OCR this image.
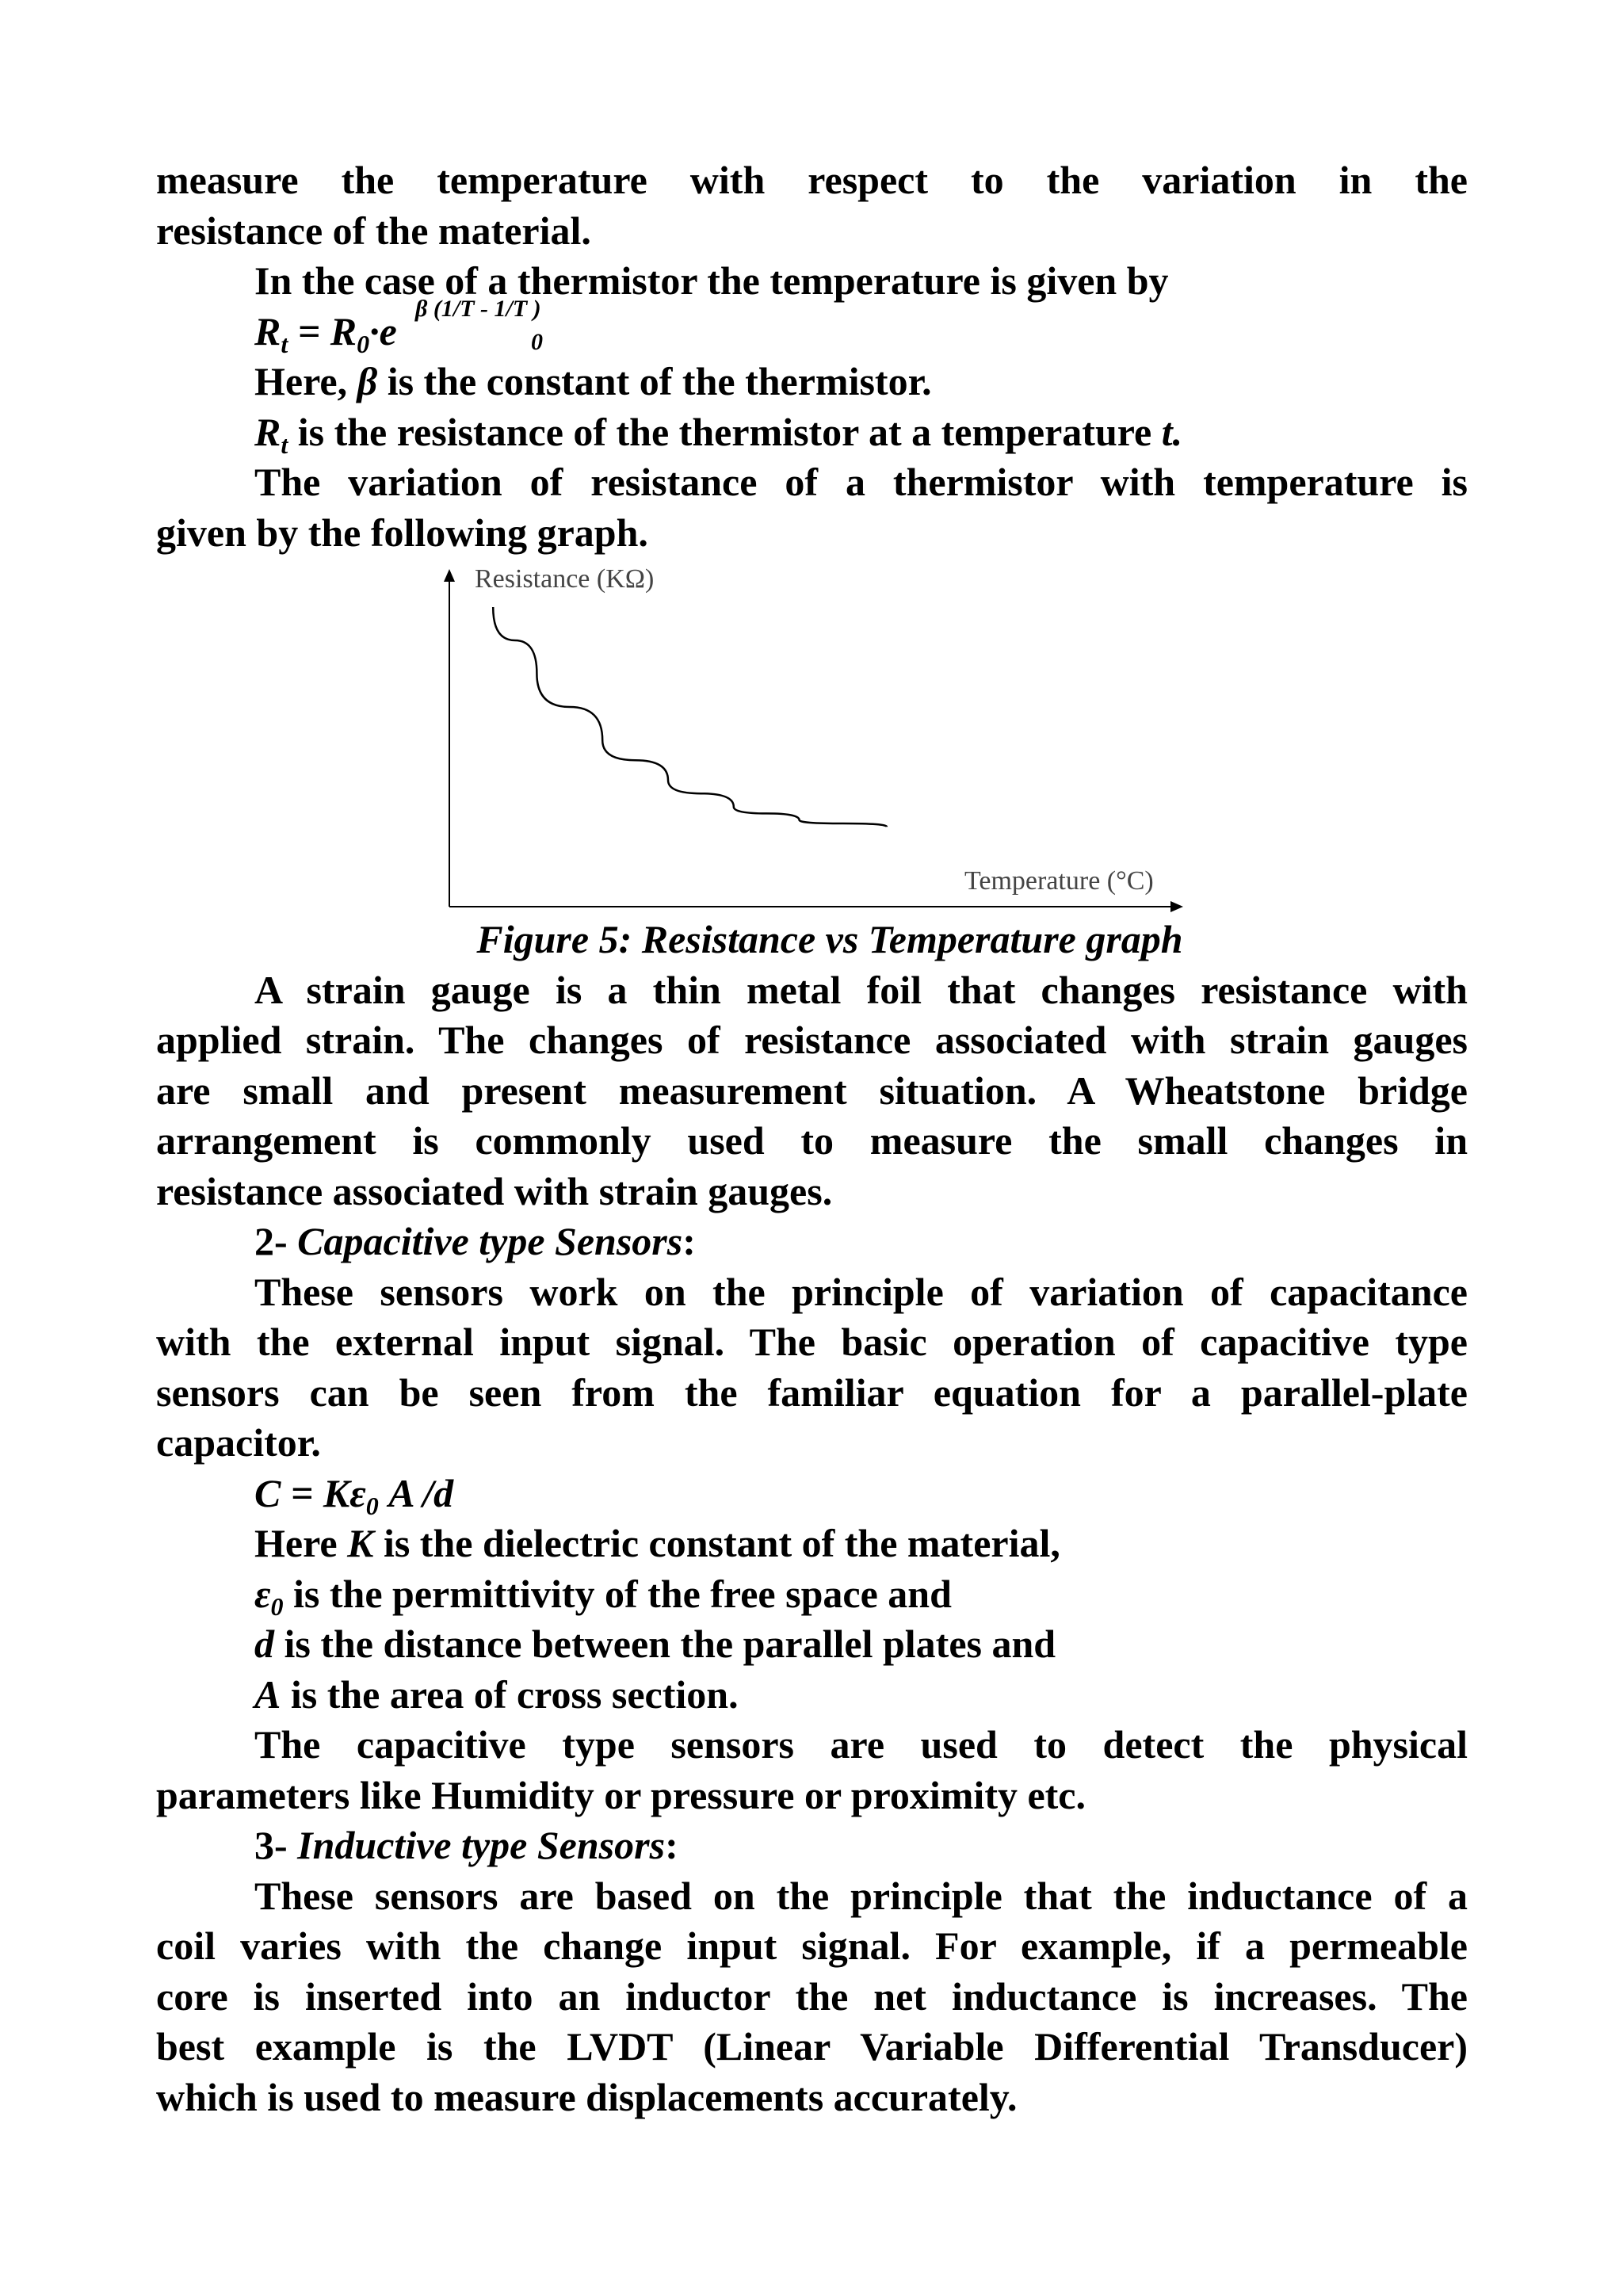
measure the temperature with respect to the variation in the

resistance of the material.

In the case of a thermistor the temperature is given by

$R_t = R_0\cdot e$
β (1/T - 1/T )
0

Here, β is the constant of the thermistor.

$R_t$ is the resistance of the thermistor at a temperature t.

The variation of resistance of a thermistor with temperature is

given by the following graph.

Resistance (KΩ)
Temperature (°C)

Figure 5: Resistance vs Temperature graph

A strain gauge is a thin metal foil that changes resistance with

applied strain. The changes of resistance associated with strain gauges

are small and present measurement situation. A Wheatstone bridge

arrangement is commonly used to measure the small changes in

resistance associated with strain gauges.

2- Capacitive type Sensors:

These sensors work on the principle of variation of capacitance

with the external input signal. The basic operation of capacitive type

sensors can be seen from the familiar equation for a parallel-plate

capacitor.

$C = K\varepsilon_0$ A /d

Here K is the dielectric constant of the material,

$\varepsilon_0$ is the permittivity of the free space and

d is the distance between the parallel plates and

A is the area of cross section.

The capacitive type sensors are used to detect the physical

parameters like Humidity or pressure or proximity etc.

3- Inductive type Sensors:

These sensors are based on the principle that the inductance of a

coil varies with the change input signal. For example, if a permeable

core is inserted into an inductor the net inductance is increases. The

best example is the LVDT (Linear Variable Differential Transducer)

which is used to measure displacements accurately.
